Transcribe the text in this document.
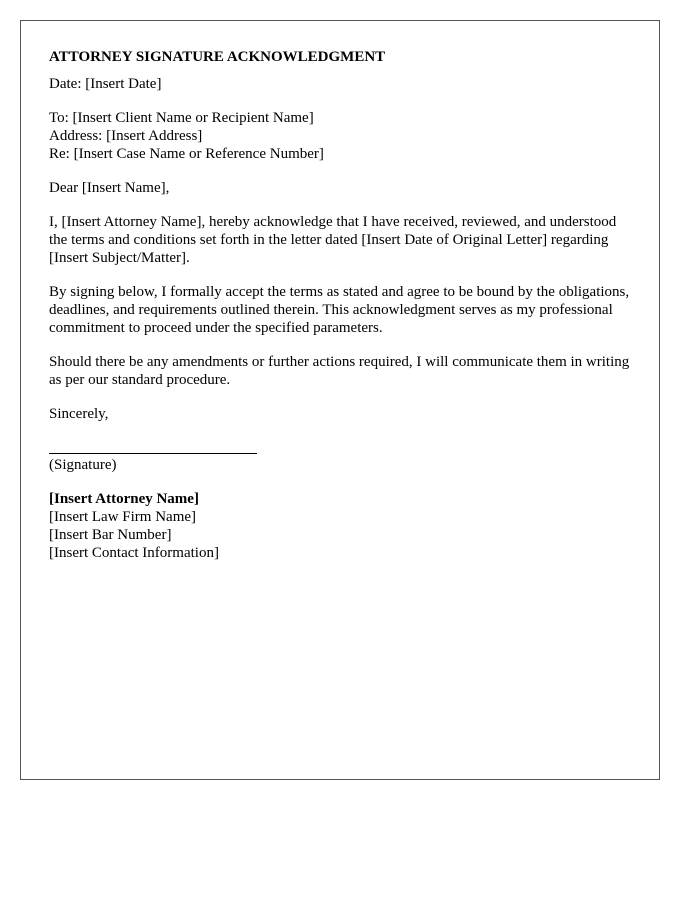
ATTORNEY SIGNATURE ACKNOWLEDGMENT
Date: [Insert Date]
To: [Insert Client Name or Recipient Name]
Address: [Insert Address]
Re: [Insert Case Name or Reference Number]
Dear [Insert Name],
I, [Insert Attorney Name], hereby acknowledge that I have received, reviewed, and understood the terms and conditions set forth in the letter dated [Insert Date of Original Letter] regarding [Insert Subject/Matter].
By signing below, I formally accept the terms as stated and agree to be bound by the obligations, deadlines, and requirements outlined therein. This acknowledgment serves as my professional commitment to proceed under the specified parameters.
Should there be any amendments or further actions required, I will communicate them in writing as per our standard procedure.
Sincerely,
(Signature)
[Insert Attorney Name]
[Insert Law Firm Name]
[Insert Bar Number]
[Insert Contact Information]
